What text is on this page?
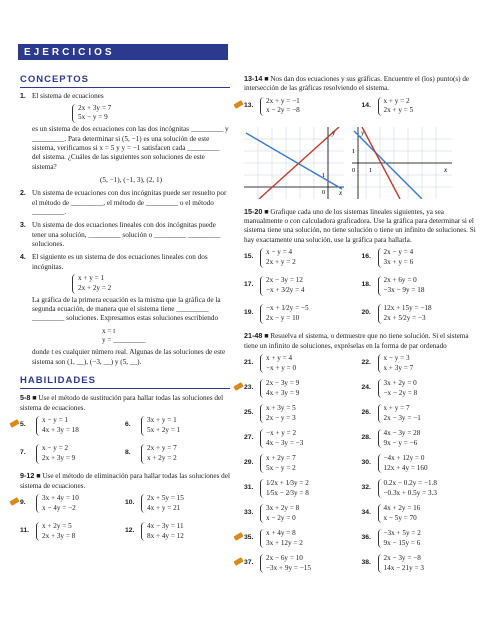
EJERCICIOS
CONCEPTOS
1. El sistema de ecuaciones
2x + 3y = 7
5x − y = 9
es un sistema de dos ecuaciones con las dos incógnitas _________ y _________. Para determinar si (5, −1) es una solución de este sistema, verificamos si x = 5 y y = −1 satisfacen cada _________ del sistema. ¿Cuáles de las siguientes son soluciones de este sistema?
(5, −1), (−1, 3), (2, 1)
2. Un sistema de ecuaciones con dos incógnitas puede ser resuelto por el método de _________, el método de _________ o el método _________.
3. Un sistema de dos ecuaciones lineales con dos incógnitas puede tener una solución, _________ solución o _________ _________ soluciones.
4. El siguiente es un sistema de dos ecuaciones lineales con dos incógnitas.
x + y = 1
2x + 2y = 2
La gráfica de la primera ecuación es la misma que la gráfica de la segunda ecuación, de manera que el sistema tiene _________ _________ soluciones. Expresamos estas soluciones escribiendo
x = t
y = _________
donde t es cualquier número real. Algunas de las soluciones de este sistema son (1, __), (−3, __) y (5, __).
HABILIDADES
5-8 ■ Use el método de sustitución para hallar todas las soluciones del sistema de ecuaciones.
5.
x − y = 1
4x + 3y = 18
6.
3x + y = 1
5x + 2y = 1
7.
x − y = 2
2x + 3y = 9
8.
2x + y = 7
x + 2y = 2
9-12 ■ Use el método de eliminación para hallar todas las soluciones del sistema de ecuaciones.
9.
3x + 4y = 10
x − 4y = −2
10.
2x + 5y = 15
4x + y = 21
11.
x + 2y = 5
2x + 3y = 8
12.
4x − 3y = 11
8x + 4y = 12
13-14 ■ Nos dan dos ecuaciones y sus gráficas. Encuentre el (los) punto(s) de intersección de las gráficas resolviendo el sistema.
13.
2x + y = −1
x − 2y = −8
14.
x + y = 2
2x + y = 5
y
x
1
0
y
x
1
1
0
15-20 ■ Grafique cada uno de los sistemas lineales siguientes, ya sea manualmente o con calculadora graficadora. Use la gráfica para determinar si el sistema tiene una solución, no tiene solución o tiene un infinito de soluciones. Si hay exactamente una solución, use la gráfica para hallarla.
15.
x − y = 4
2x + y = 2
16.
2x − y = 4
3x + y = 6
17.
2x − 3y = 12
−x + 3⁄2y = 4
18.
2x + 6y = 0
−3x − 9y = 18
19.
−x + 1⁄2y = −5
2x − y = 10
20.
12x + 15y = −18
2x + 5⁄2y = −3
21-48 ■ Resuelva el sistema, o demuestre que no tiene solución. Si el sistema tiene un infinito de soluciones, expréselas en la forma de par ordenado
21.
x + y = 4
−x + y = 0
22.
x − y = 3
x + 3y = 7
23.
2x − 3y = 9
4x + 3y = 9
24.
3x + 2y = 0
−x − 2y = 8
25.
x + 3y = 5
2x − y = 3
26.
x + y = 7
2x − 3y = −1
27.
−x + y = 2
4x − 3y = −3
28.
4x − 3y = 28
9x − y = −6
29.
x + 2y = 7
5x − y = 2
30.
−4x + 12y = 0
12x + 4y = 160
31.
1⁄2x + 1⁄3y = 2
1⁄5x − 2⁄3y = 8
32.
0.2x − 0.2y = −1.8
−0.3x + 0.5y = 3.3
33.
3x + 2y = 8
x − 2y = 0
34.
4x + 2y = 16
x − 5y = 70
35.
x + 4y = 8
3x + 12y = 2
36.
−3x + 5y = 2
9x − 15y = 6
37.
2x − 6y = 10
−3x + 9y = −15
38.
2x − 3y = −8
14x − 21y = 3
